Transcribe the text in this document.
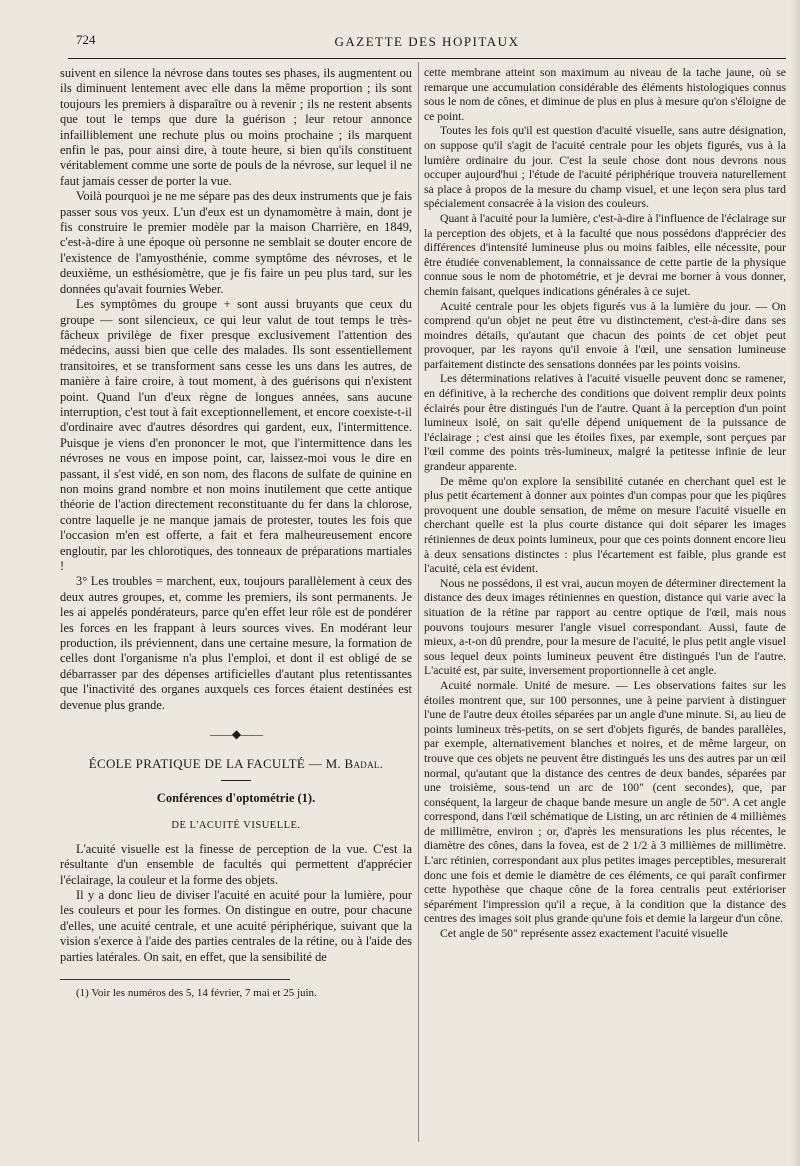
724	GAZETTE DES HOPITAUX

suivent en silence la névrose dans toutes ses phases, ils augmentent ou ils diminuent lentement avec elle dans la même proportion ; ils sont toujours les premiers à disparaître ou à revenir ; ils ne restent absents que tout le temps que dure la guérison ; leur retour annonce infailliblement une rechute plus ou moins prochaine ; ils marquent enfin le pas, pour ainsi dire, à toute heure, si bien qu'ils constituent véritablement comme une sorte de pouls de la névrose, sur lequel il ne faut jamais cesser de porter la vue.

Voilà pourquoi je ne me sépare pas des deux instruments que je fais passer sous vos yeux. L'un d'eux est un dynamomètre à main, dont je fis construire le premier modèle par la maison Charrière, en 1849, c'est-à-dire à une époque où personne ne semblait se douter encore de l'existence de l'amyosthénie, comme symptôme des névroses, et le deuxième, un esthésiomètre, que je fis faire un peu plus tard, sur les données qu'avait fournies Weber.

Les symptômes du groupe + sont aussi bruyants que ceux du groupe — sont silencieux, ce qui leur valut de tout temps le très-fâcheux privilège de fixer presque exclusivement l'attention des médecins, aussi bien que celle des malades. Ils sont essentiellement transitoires, et se transforment sans cesse les uns dans les autres, de manière à faire croire, à tout moment, à des guérisons qui n'existent point. Quand l'un d'eux règne de longues années, sans aucune interruption, c'est tout à fait exceptionnellement, et encore coexiste-t-il d'ordinaire avec d'autres désordres qui gardent, eux, l'intermittence. Puisque je viens d'en prononcer le mot, que l'intermittence dans les névroses ne vous en impose point, car, laissez-moi vous le dire en passant, il s'est vidé, en son nom, des flacons de sulfate de quinine en non moins grand nombre et non moins inutilement que cette antique théorie de l'action directement reconstituante du fer dans la chlorose, contre laquelle je ne manque jamais de protester, toutes les fois que l'occasion m'en est offerte, a fait et fera malheureusement encore engloutir, par les chlorotiques, des tonneaux de préparations martiales !

3° Les troubles = marchent, eux, toujours parallèlement à ceux des deux autres groupes, et, comme les premiers, ils sont permanents. Je les ai appelés pondérateurs, parce qu'en effet leur rôle est de pondérer les forces en les frappant à leurs sources vives. En modérant leur production, ils préviennent, dans une certaine mesure, la formation de celles dont l'organisme n'a plus l'emploi, et dont il est obligé de se débarrasser par des dépenses artificielles d'autant plus retentissantes que l'inactivité des organes auxquels ces forces étaient destinées est devenue plus grande.

——◆——
ÉCOLE PRATIQUE DE LA FACULTÉ — M. Badal.
Conférences d'optométrie (1).
DE L'ACUITÉ VISUELLE.

L'acuité visuelle est la finesse de perception de la vue. C'est la résultante d'un ensemble de facultés qui permettent d'apprécier l'éclairage, la couleur et la forme des objets.

Il y a donc lieu de diviser l'acuité en acuité pour la lumière, pour les couleurs et pour les formes. On distingue en outre, pour chacune d'elles, une acuité centrale, et une acuité périphérique, suivant que la vision s'exerce à l'aide des parties centrales de la rétine, ou à l'aide des parties latérales. On sait, en effet, que la sensibilité de

(1) Voir les numéros des 5, 14 février, 7 mai et 25 juin.

cette membrane atteint son maximum au niveau de la tache jaune, où se remarque une accumulation considérable des éléments histologiques connus sous le nom de cônes, et diminue de plus en plus à mesure qu'on s'éloigne de ce point.

Toutes les fois qu'il est question d'acuité visuelle, sans autre désignation, on suppose qu'il s'agit de l'acuité centrale pour les objets figurés, vus à la lumière ordinaire du jour. C'est la seule chose dont nous devrons nous occuper aujourd'hui ; l'étude de l'acuité périphérique trouvera naturellement sa place à propos de la mesure du champ visuel, et une leçon sera plus tard spécialement consacrée à la vision des couleurs.

Quant à l'acuité pour la lumière, c'est-à-dire à l'influence de l'éclairage sur la perception des objets, et à la faculté que nous possédons d'apprécier des différences d'intensité lumineuse plus ou moins faibles, elle nécessite, pour être étudiée convenablement, la connaissance de cette partie de la physique connue sous le nom de photométrie, et je devrai me borner à vous donner, chemin faisant, quelques indications générales à ce sujet.

Acuité centrale pour les objets figurés vus à la lumière du jour. — On comprend qu'un objet ne peut être vu distinctement, c'est-à-dire dans ses moindres détails, qu'autant que chacun des points de cet objet peut provoquer, par les rayons qu'il envoie à l'œil, une sensation lumineuse parfaitement distincte des sensations données par les points voisins.

Les déterminations relatives à l'acuité visuelle peuvent donc se ramener, en définitive, à la recherche des conditions que doivent remplir deux points éclairés pour être distingués l'un de l'autre. Quant à la perception d'un point lumineux isolé, on sait qu'elle dépend uniquement de la puissance de l'éclairage ; c'est ainsi que les étoiles fixes, par exemple, sont perçues par l'œil comme des points très-lumineux, malgré la petitesse infinie de leur grandeur apparente.

De même qu'on explore la sensibilité cutanée en cherchant quel est le plus petit écartement à donner aux pointes d'un compas pour que les piqûres provoquent une double sensation, de même on mesure l'acuité visuelle en cherchant quelle est la plus courte distance qui doit séparer les images rétiniennes de deux points lumineux, pour que ces points donnent encore lieu à deux sensations distinctes : plus l'écartement est faible, plus grande est l'acuité, cela est évident.

Nous ne possédons, il est vrai, aucun moyen de déterminer directement la distance des deux images rétiniennes en question, distance qui varie avec la situation de la rétine par rapport au centre optique de l'œil, mais nous pouvons toujours mesurer l'angle visuel correspondant. Aussi, faute de mieux, a-t-on dû prendre, pour la mesure de l'acuité, le plus petit angle visuel sous lequel deux points lumineux peuvent être distingués l'un de l'autre. L'acuité est, par suite, inversement proportionnelle à cet angle.

Acuité normale. Unité de mesure. — Les observations faites sur les étoiles montrent que, sur 100 personnes, une à peine parvient à distinguer l'une de l'autre deux étoiles séparées par un angle d'une minute. Si, au lieu de points lumineux très-petits, on se sert d'objets figurés, de bandes parallèles, par exemple, alternativement blanches et noires, et de même largeur, on trouve que ces objets ne peuvent être distingués les uns des autres par un œil normal, qu'autant que la distance des centres de deux bandes, séparées par une troisième, sous-tend un arc de 100" (cent secondes), que, par conséquent, la largeur de chaque bande mesure un angle de 50". A cet angle correspond, dans l'œil schématique de Listing, un arc rétinien de 4 millièmes de millimètre, environ ; or, d'après les mensurations les plus récentes, le diamètre des cônes, dans la fovea, est de 2 1/2 à 3 millièmes de millimètre. L'arc rétinien, correspondant aux plus petites images perceptibles, mesurerait donc une fois et demie le diamètre de ces éléments, ce qui paraît confirmer cette hypothèse que chaque cône de la forea centralis peut extérioriser séparément l'impression qu'il a reçue, à la condition que la distance des centres des images soit plus grande qu'une fois et demie la largeur d'un cône.

Cet angle de 50" représente assez exactement l'acuité visuelle
